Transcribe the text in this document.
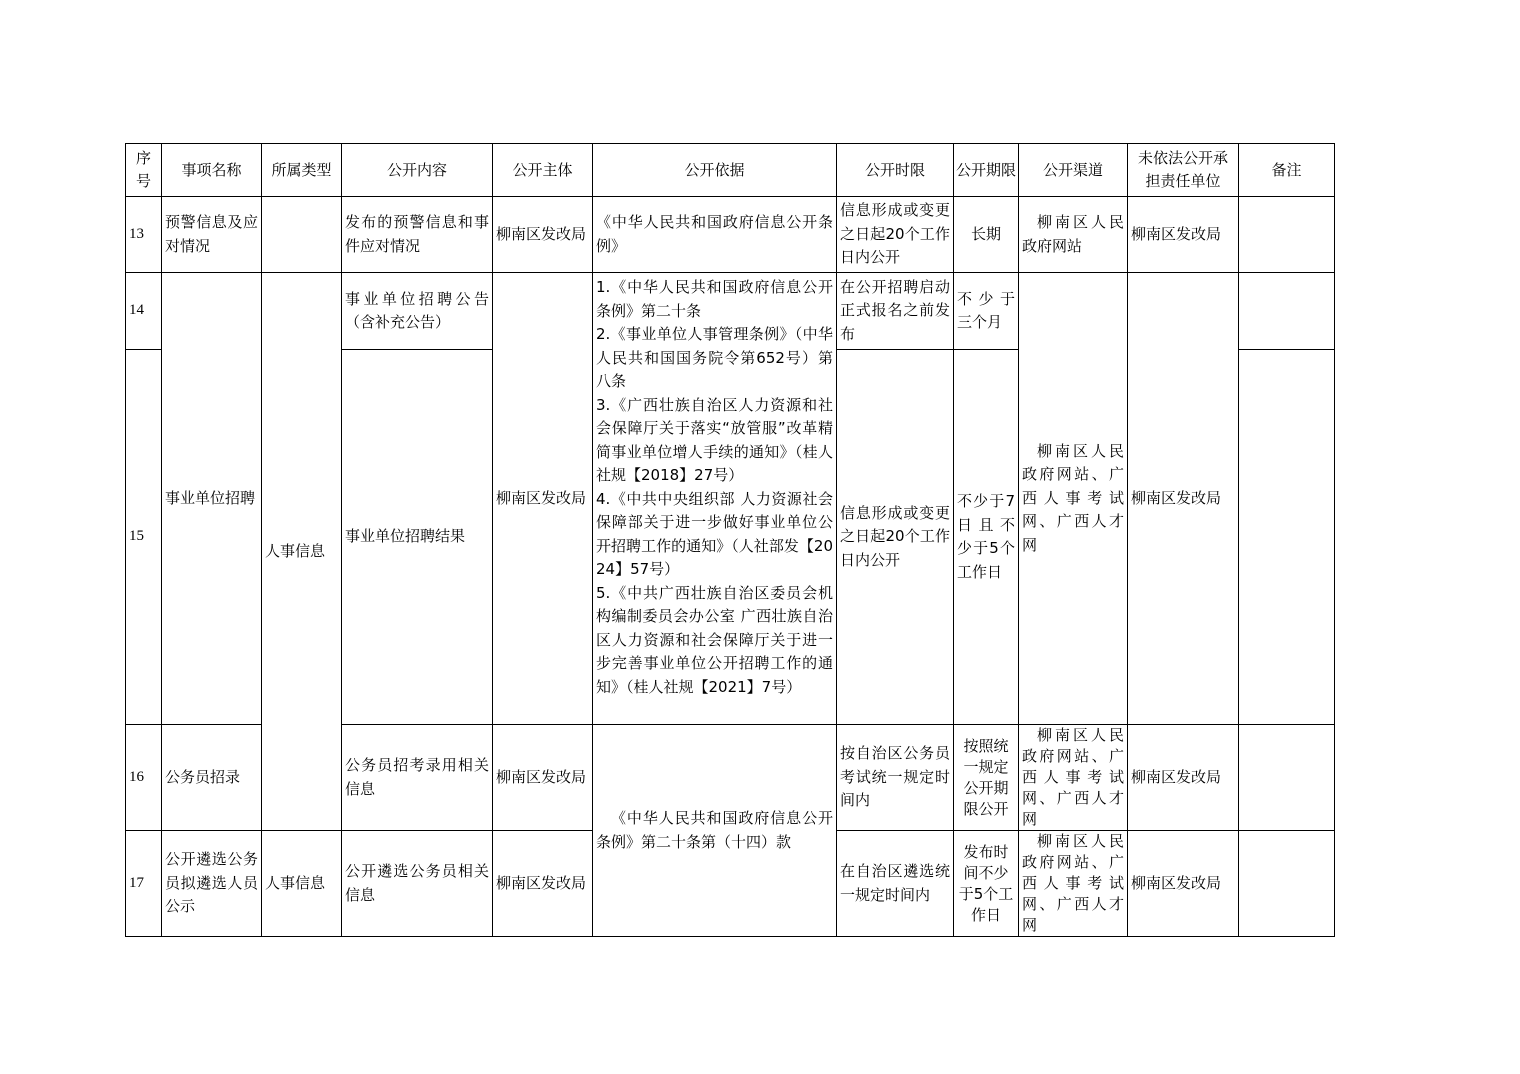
序号	事项名称	所属类型	公开内容	公开主体	公开依据	公开时限	公开期限	公开渠道	未依法公开承担责任单位	备注
13	预警信息及应对情况		发布的预警信息和事件应对情况	柳南区发改局	《中华人民共和国政府信息公开条例》	信息形成或变更之日起20个工作日内公开	长期	柳南区人民政府网站	柳南区发改局	
14	事业单位招聘	人事信息	事业单位招聘公告（含补充公告）	柳南区发改局	1.《中华人民共和国政府信息公开条例》第二十条
2.《事业单位人事管理条例》（中华人民共和国国务院令第652号）第八条
3.《广西壮族自治区人力资源和社会保障厅关于落实“放管服”改革精简事业单位增人手续的通知》（桂人社规【2018】27号）
4.《中共中央组织部 人力资源社会保障部关于进一步做好事业单位公开招聘工作的通知》（人社部发【2024】57号）
5.《中共广西壮族自治区委员会机构编制委员会办公室 广西壮族自治区人力资源和社会保障厅关于进一步完善事业单位公开招聘工作的通知》（桂人社规【2021】7号）	在公开招聘启动正式报名之前发布	不少于三个月	柳南区人民政府网站、广西人事考试网、广西人才网	柳南区发改局	
15			事业单位招聘结果			信息形成或变更之日起20个工作日内公开	不少于7日且不少于5个工作日			
16	公务员招录		公务员招考录用相关信息	柳南区发改局	《中华人民共和国政府信息公开条例》第二十条第（十四）款	按自治区公务员考试统一规定时间内	按照统一规定公开期限公开	柳南区人民政府网站、广西人事考试网、广西人才网	柳南区发改局	
17	公开遴选公务员拟遴选人员公示	人事信息	公开遴选公务员相关信息	柳南区发改局		在自治区遴选统一规定时间内	发布时间不少于5个工作日	柳南区人民政府网站、广西人事考试网、广西人才网	柳南区发改局	
